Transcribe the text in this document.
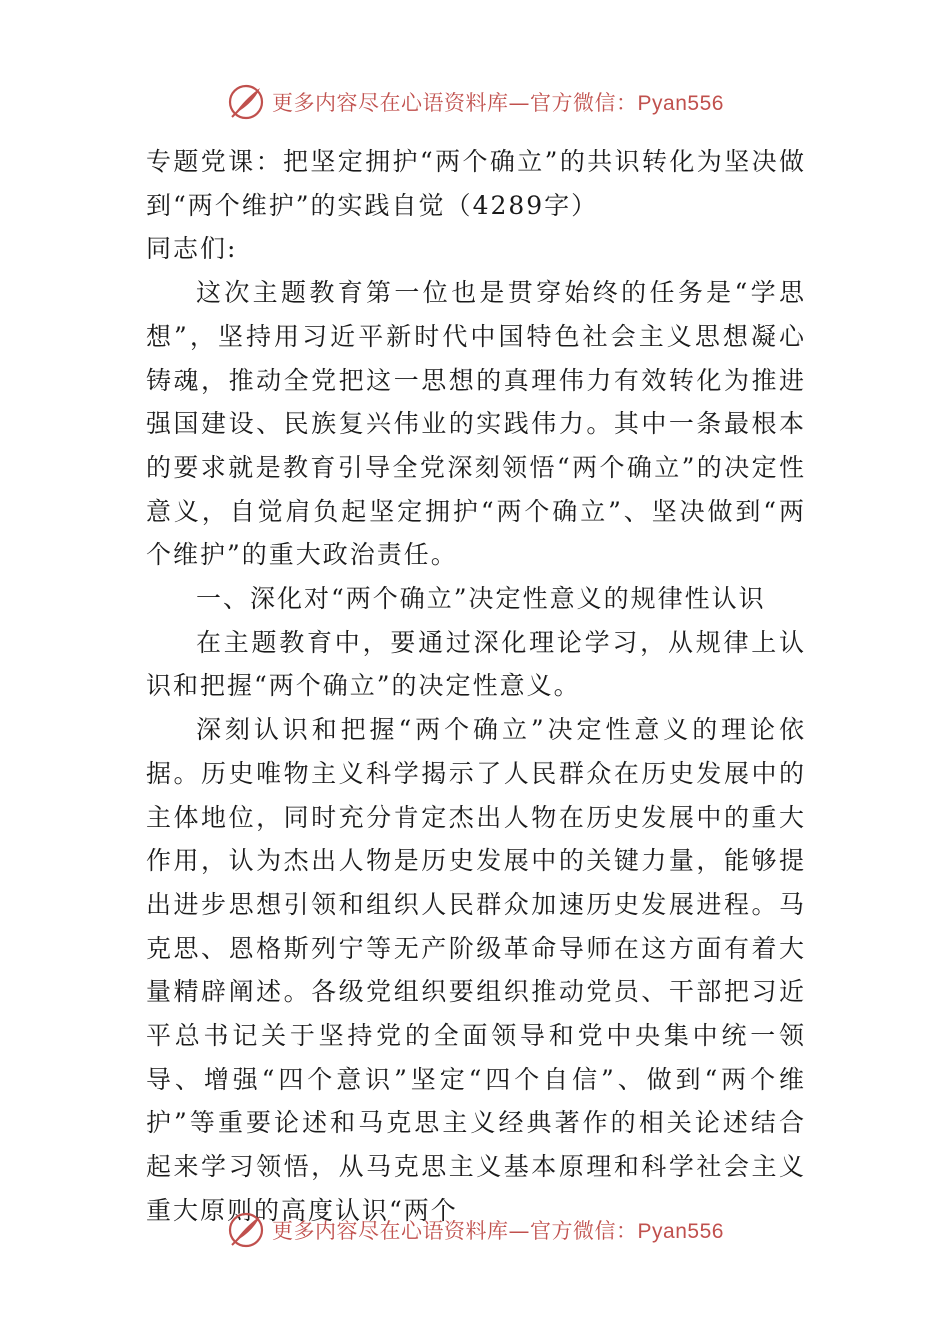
更多内容尽在心语资料库—官方微信：Pyan556

专题党课：把坚定拥护“两个确立”的共识转化为坚决做到“两个维护”的实践自觉（4289字）

同志们:

这次主题教育第一位也是贯穿始终的任务是“学思想”，坚持用习近平新时代中国特色社会主义思想凝心铸魂，推动全党把这一思想的真理伟力有效转化为推进强国建设、民族复兴伟业的实践伟力。其中一条最根本的要求就是教育引导全党深刻领悟“两个确立”的决定性意义，自觉肩负起坚定拥护“两个确立”、坚决做到“两个维护”的重大政治责任。

一、深化对“两个确立”决定性意义的规律性认识

在主题教育中，要通过深化理论学习，从规律上认识和把握“两个确立”的决定性意义。

深刻认识和把握“两个确立”决定性意义的理论依据。历史唯物主义科学揭示了人民群众在历史发展中的主体地位，同时充分肯定杰出人物在历史发展中的重大作用，认为杰出人物是历史发展中的关键力量，能够提出进步思想引领和组织人民群众加速历史发展进程。马克思、恩格斯列宁等无产阶级革命导师在这方面有着大量精辟阐述。各级党组织要组织推动党员、干部把习近平总书记关于坚持党的全面领导和党中央集中统一领导、增强“四个意识”坚定“四个自信”、做到“两个维护”等重要论述和马克思主义经典著作的相关论述结合起来学习领悟，从马克思主义基本原理和科学社会主义重大原则的高度认识“两个

更多内容尽在心语资料库—官方微信：Pyan556
